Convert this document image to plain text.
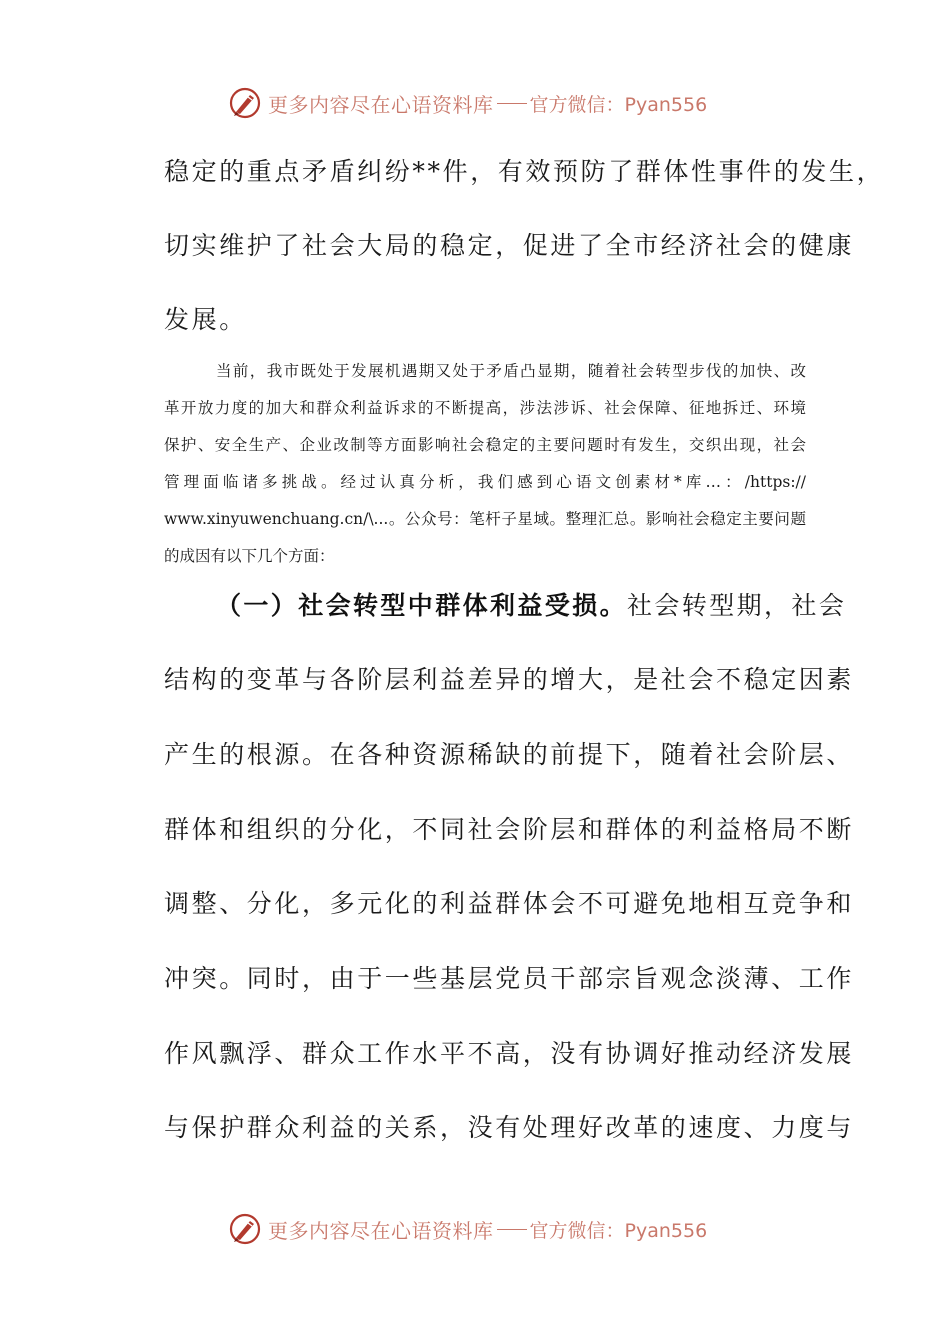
更多内容尽在心语资料库 官方微信：Pyan556
稳定的重点矛盾纠纷**件，有效预防了群体性事件的发生，
切实维护了社会大局的稳定，促进了全市经济社会的健康
发展。
当前，我市既处于发展机遇期又处于矛盾凸显期，随着社会转型步伐的加快、改
革开放力度的加大和群众利益诉求的不断提高，涉法涉诉、社会保障、征地拆迁、环境
保护、安全生产、企业改制等方面影响社会稳定的主要问题时有发生，交织出现，社会
管理面临诸多挑战。经过认真分析，我们感到心语文创素材*库…：/https://
www.xinyuwenchuang.cn/\...。公众号：笔杆子星域。整理汇总。影响社会稳定主要问题
的成因有以下几个方面：
（一）社会转型中群体利益受损。社会转型期，社会
结构的变革与各阶层利益差异的增大，是社会不稳定因素
产生的根源。在各种资源稀缺的前提下，随着社会阶层、
群体和组织的分化，不同社会阶层和群体的利益格局不断
调整、分化，多元化的利益群体会不可避免地相互竞争和
冲突。同时，由于一些基层党员干部宗旨观念淡薄、工作
作风飘浮、群众工作水平不高，没有协调好推动经济发展
与保护群众利益的关系，没有处理好改革的速度、力度与
更多内容尽在心语资料库 官方微信：Pyan556
